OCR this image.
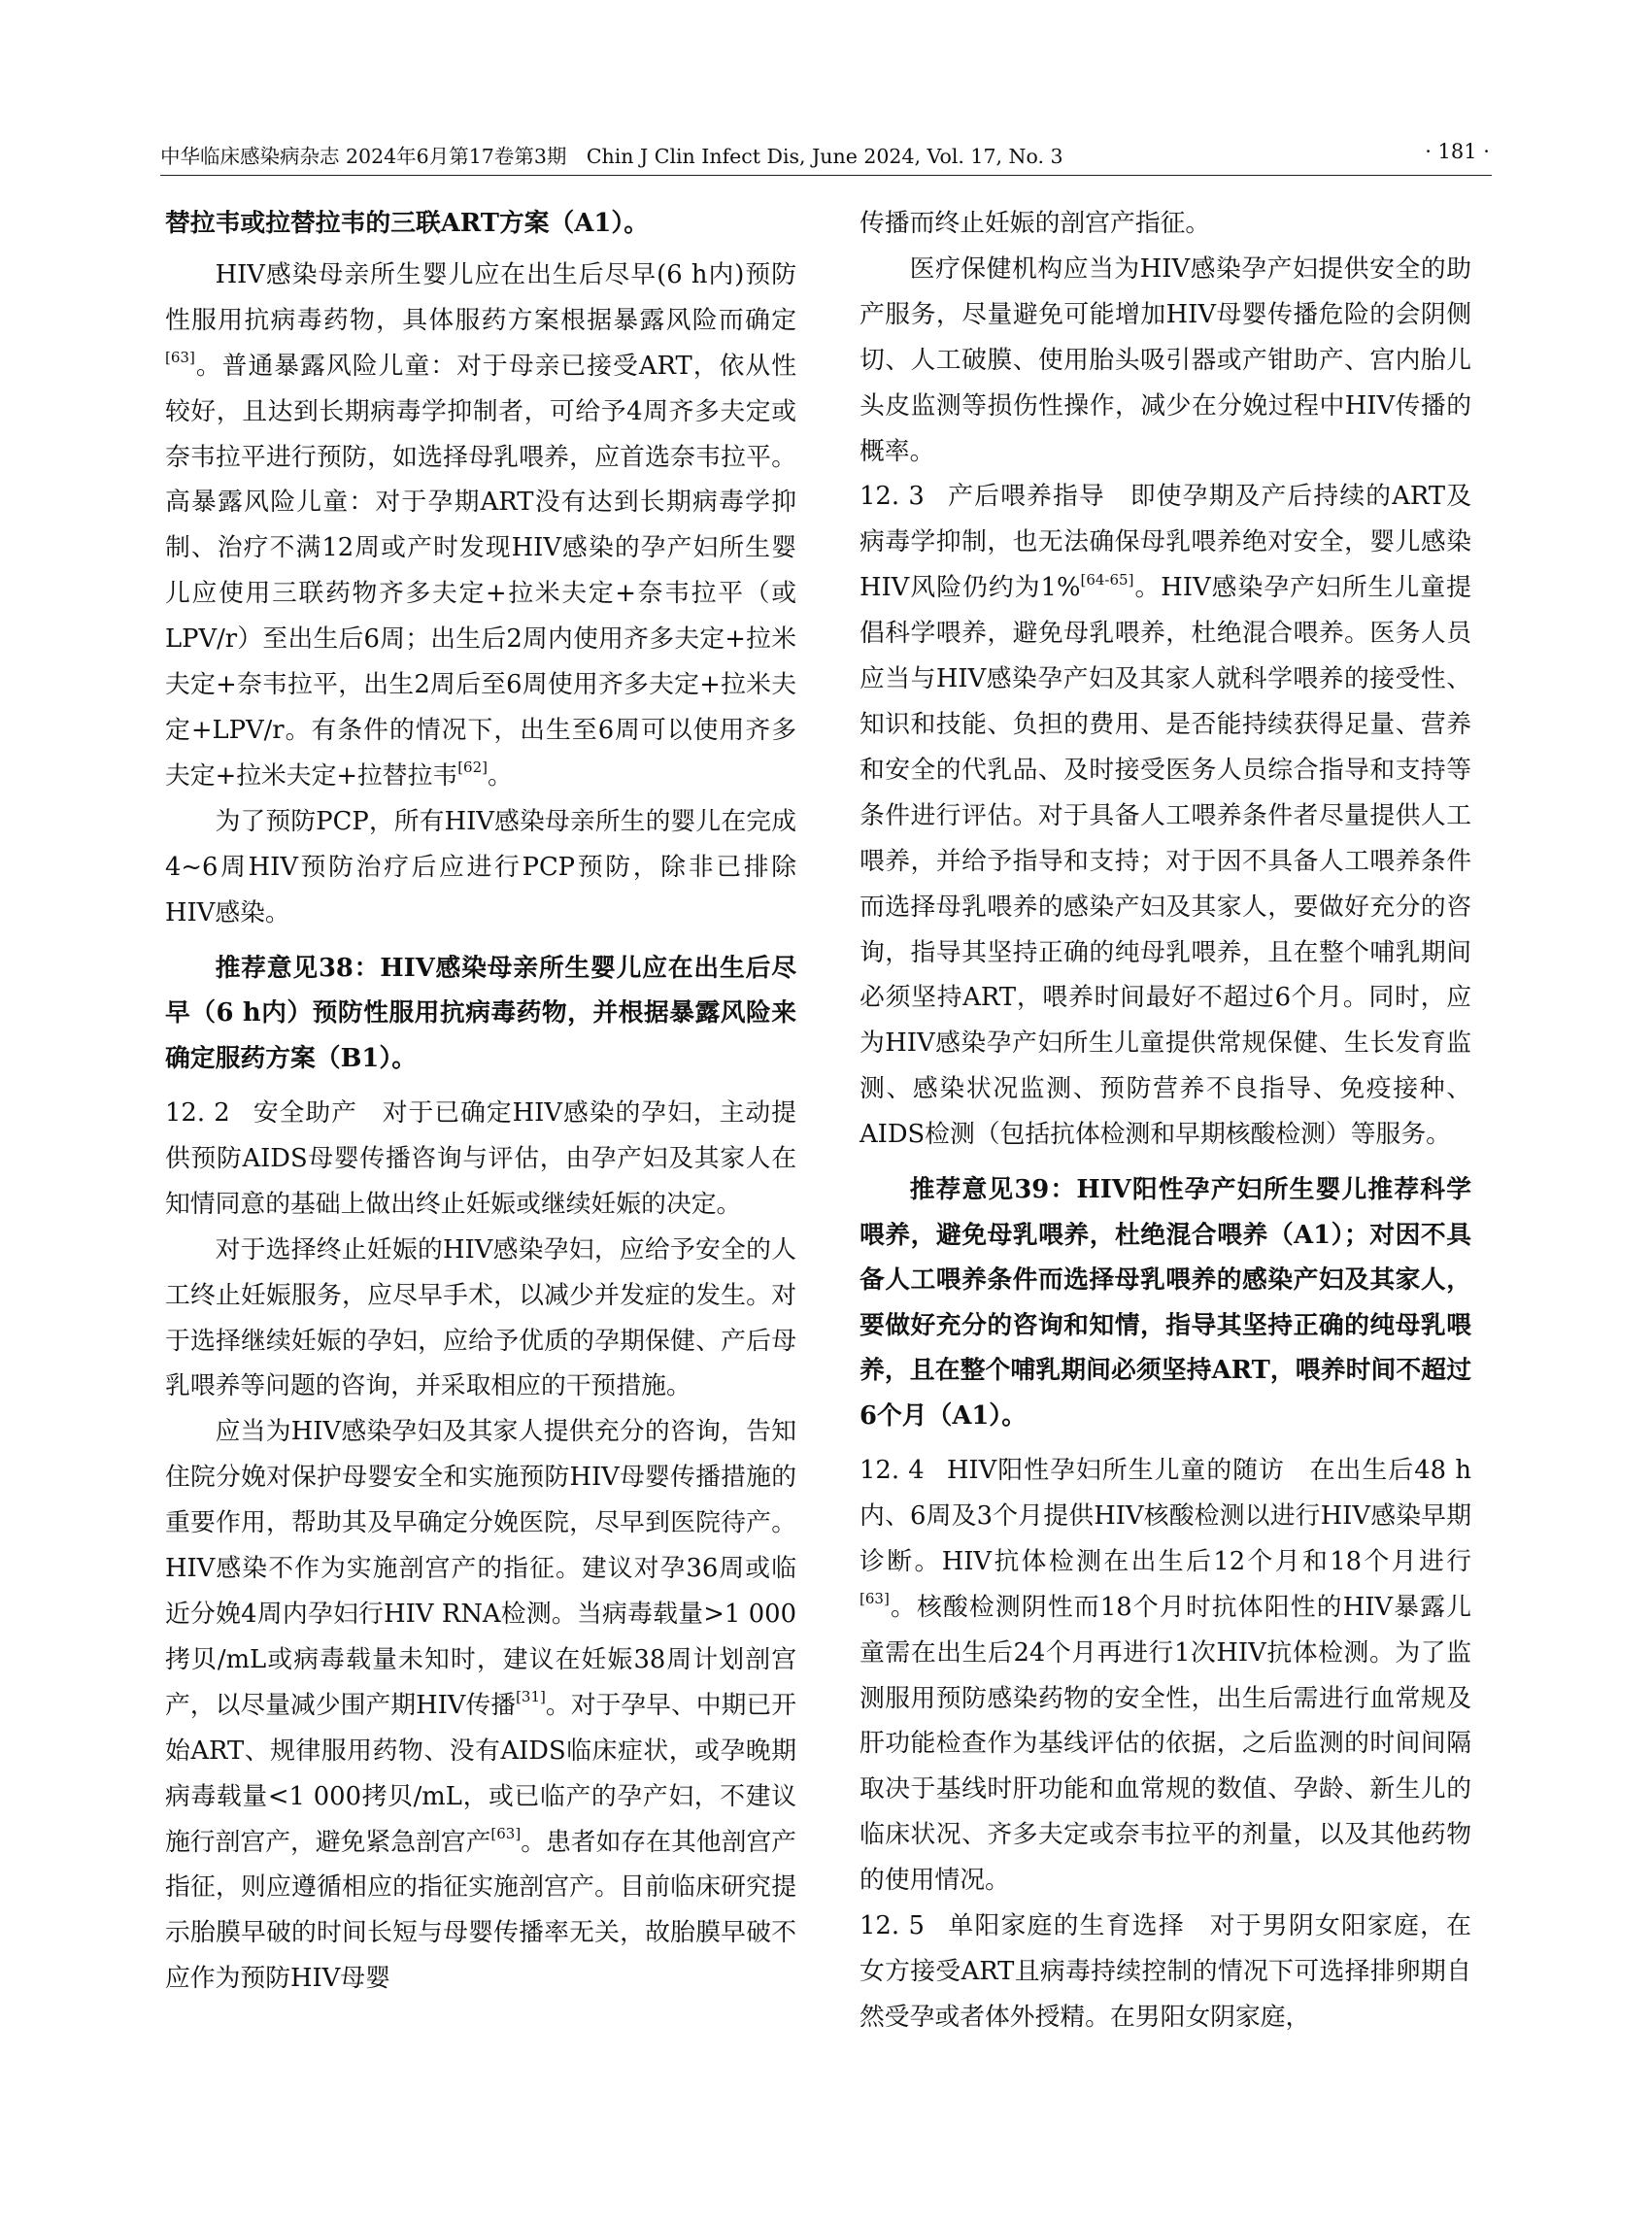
中华临床感染病杂志 2024年6月第17卷第3期　Chin J Clin Infect Dis, June 2024, Vol. 17, No. 3	· 181 ·

替拉韦或拉替拉韦的三联ART方案（A1）。

HIV感染母亲所生婴儿应在出生后尽早(6 h内)预防性服用抗病毒药物，具体服药方案根据暴露风险而确定[63]。普通暴露风险儿童：对于母亲已接受ART，依从性较好，且达到长期病毒学抑制者，可给予4周齐多夫定或奈韦拉平进行预防，如选择母乳喂养，应首选奈韦拉平。高暴露风险儿童：对于孕期ART没有达到长期病毒学抑制、治疗不满12周或产时发现HIV感染的孕产妇所生婴儿应使用三联药物齐多夫定+拉米夫定+奈韦拉平（或LPV/r）至出生后6周；出生后2周内使用齐多夫定+拉米夫定+奈韦拉平，出生2周后至6周使用齐多夫定+拉米夫定+LPV/r。有条件的情况下，出生至6周可以使用齐多夫定+拉米夫定+拉替拉韦[62]。

为了预防PCP，所有HIV感染母亲所生的婴儿在完成4~6周HIV预防治疗后应进行PCP预防，除非已排除HIV感染。

推荐意见38：HIV感染母亲所生婴儿应在出生后尽早（6 h内）预防性服用抗病毒药物，并根据暴露风险来确定服药方案（B1）。

12. 2 安全助产 对于已确定HIV感染的孕妇，主动提供预防AIDS母婴传播咨询与评估，由孕产妇及其家人在知情同意的基础上做出终止妊娠或继续妊娠的决定。

对于选择终止妊娠的HIV感染孕妇，应给予安全的人工终止妊娠服务，应尽早手术，以减少并发症的发生。对于选择继续妊娠的孕妇，应给予优质的孕期保健、产后母乳喂养等问题的咨询，并采取相应的干预措施。

应当为HIV感染孕妇及其家人提供充分的咨询，告知住院分娩对保护母婴安全和实施预防HIV母婴传播措施的重要作用，帮助其及早确定分娩医院，尽早到医院待产。HIV感染不作为实施剖宫产的指征。建议对孕36周或临近分娩4周内孕妇行HIV RNA检测。当病毒载量>1 000拷贝/mL或病毒载量未知时，建议在妊娠38周计划剖宫产，以尽量减少围产期HIV传播[31]。对于孕早、中期已开始ART、规律服用药物、没有AIDS临床症状，或孕晚期病毒载量<1 000拷贝/mL，或已临产的孕产妇，不建议施行剖宫产，避免紧急剖宫产[63]。患者如存在其他剖宫产指征，则应遵循相应的指征实施剖宫产。目前临床研究提示胎膜早破的时间长短与母婴传播率无关，故胎膜早破不应作为预防HIV母婴

传播而终止妊娠的剖宫产指征。

医疗保健机构应当为HIV感染孕产妇提供安全的助产服务，尽量避免可能增加HIV母婴传播危险的会阴侧切、人工破膜、使用胎头吸引器或产钳助产、宫内胎儿头皮监测等损伤性操作，减少在分娩过程中HIV传播的概率。

12. 3 产后喂养指导 即使孕期及产后持续的ART及病毒学抑制，也无法确保母乳喂养绝对安全，婴儿感染HIV风险仍约为1%[64-65]。HIV感染孕产妇所生儿童提倡科学喂养，避免母乳喂养，杜绝混合喂养。医务人员应当与HIV感染孕产妇及其家人就科学喂养的接受性、知识和技能、负担的费用、是否能持续获得足量、营养和安全的代乳品、及时接受医务人员综合指导和支持等条件进行评估。对于具备人工喂养条件者尽量提供人工喂养，并给予指导和支持；对于因不具备人工喂养条件而选择母乳喂养的感染产妇及其家人，要做好充分的咨询，指导其坚持正确的纯母乳喂养，且在整个哺乳期间必须坚持ART，喂养时间最好不超过6个月。同时，应为HIV感染孕产妇所生儿童提供常规保健、生长发育监测、感染状况监测、预防营养不良指导、免疫接种、AIDS检测（包括抗体检测和早期核酸检测）等服务。

推荐意见39：HIV阳性孕产妇所生婴儿推荐科学喂养，避免母乳喂养，杜绝混合喂养（A1）；对因不具备人工喂养条件而选择母乳喂养的感染产妇及其家人，要做好充分的咨询和知情，指导其坚持正确的纯母乳喂养，且在整个哺乳期间必须坚持ART，喂养时间不超过6个月（A1）。

12. 4 HIV阳性孕妇所生儿童的随访 在出生后48 h内、6周及3个月提供HIV核酸检测以进行HIV感染早期诊断。HIV抗体检测在出生后12个月和18个月进行[63]。核酸检测阴性而18个月时抗体阳性的HIV暴露儿童需在出生后24个月再进行1次HIV抗体检测。为了监测服用预防感染药物的安全性，出生后需进行血常规及肝功能检查作为基线评估的依据，之后监测的时间间隔取决于基线时肝功能和血常规的数值、孕龄、新生儿的临床状况、齐多夫定或奈韦拉平的剂量，以及其他药物的使用情况。

12. 5 单阳家庭的生育选择 对于男阴女阳家庭，在女方接受ART且病毒持续控制的情况下可选择排卵期自然受孕或者体外授精。在男阳女阴家庭，
